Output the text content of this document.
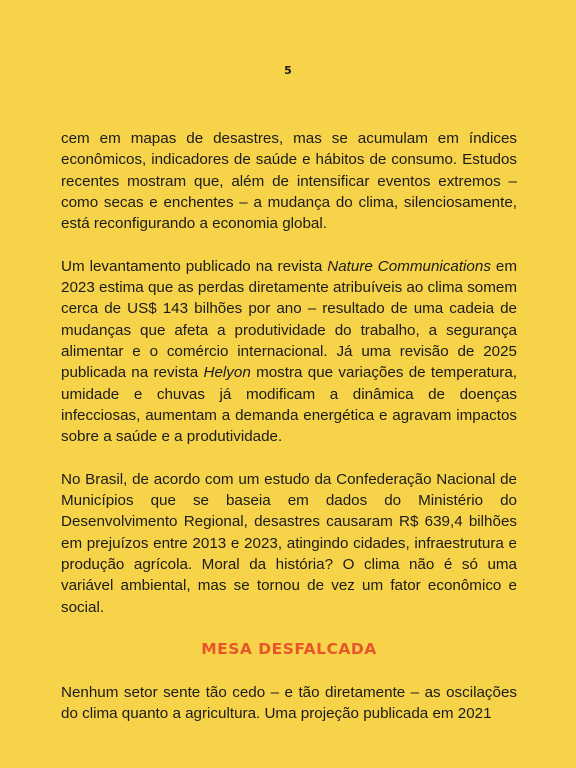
5

cem em mapas de desastres, mas se acumulam em índices econômicos, indicadores de saúde e hábitos de consumo. Estudos recentes mostram que, além de intensificar eventos extremos – como secas e enchentes – a mudança do clima, silenciosamente, está reconfigurando a economia global.

Um levantamento publicado na revista Nature Communications em 2023 estima que as perdas diretamente atribuíveis ao clima somem cerca de US$ 143 bilhões por ano – resultado de uma cadeia de mudanças que afeta a produtividade do trabalho, a segurança alimentar e o comércio internacional. Já uma revisão de 2025 publicada na revista Helyon mostra que variações de temperatura, umidade e chuvas já modificam a dinâmica de doenças infecciosas, aumentam a demanda energética e agravam impactos sobre a saúde e a produtividade.

No Brasil, de acordo com um estudo da Confederação Nacional de Municípios que se baseia em dados do Ministério do Desenvolvimento Regional, desastres causaram R$ 639,4 bilhões em prejuízos entre 2013 e 2023, atingindo cidades, infraestrutura e produção agrícola. Moral da história? O clima não é só uma variável ambiental, mas se tornou de vez um fator econômico e social.

MESA DESFALCADA

Nenhum setor sente tão cedo – e tão diretamente – as oscilações do clima quanto a agricultura. Uma projeção publicada em 2021
